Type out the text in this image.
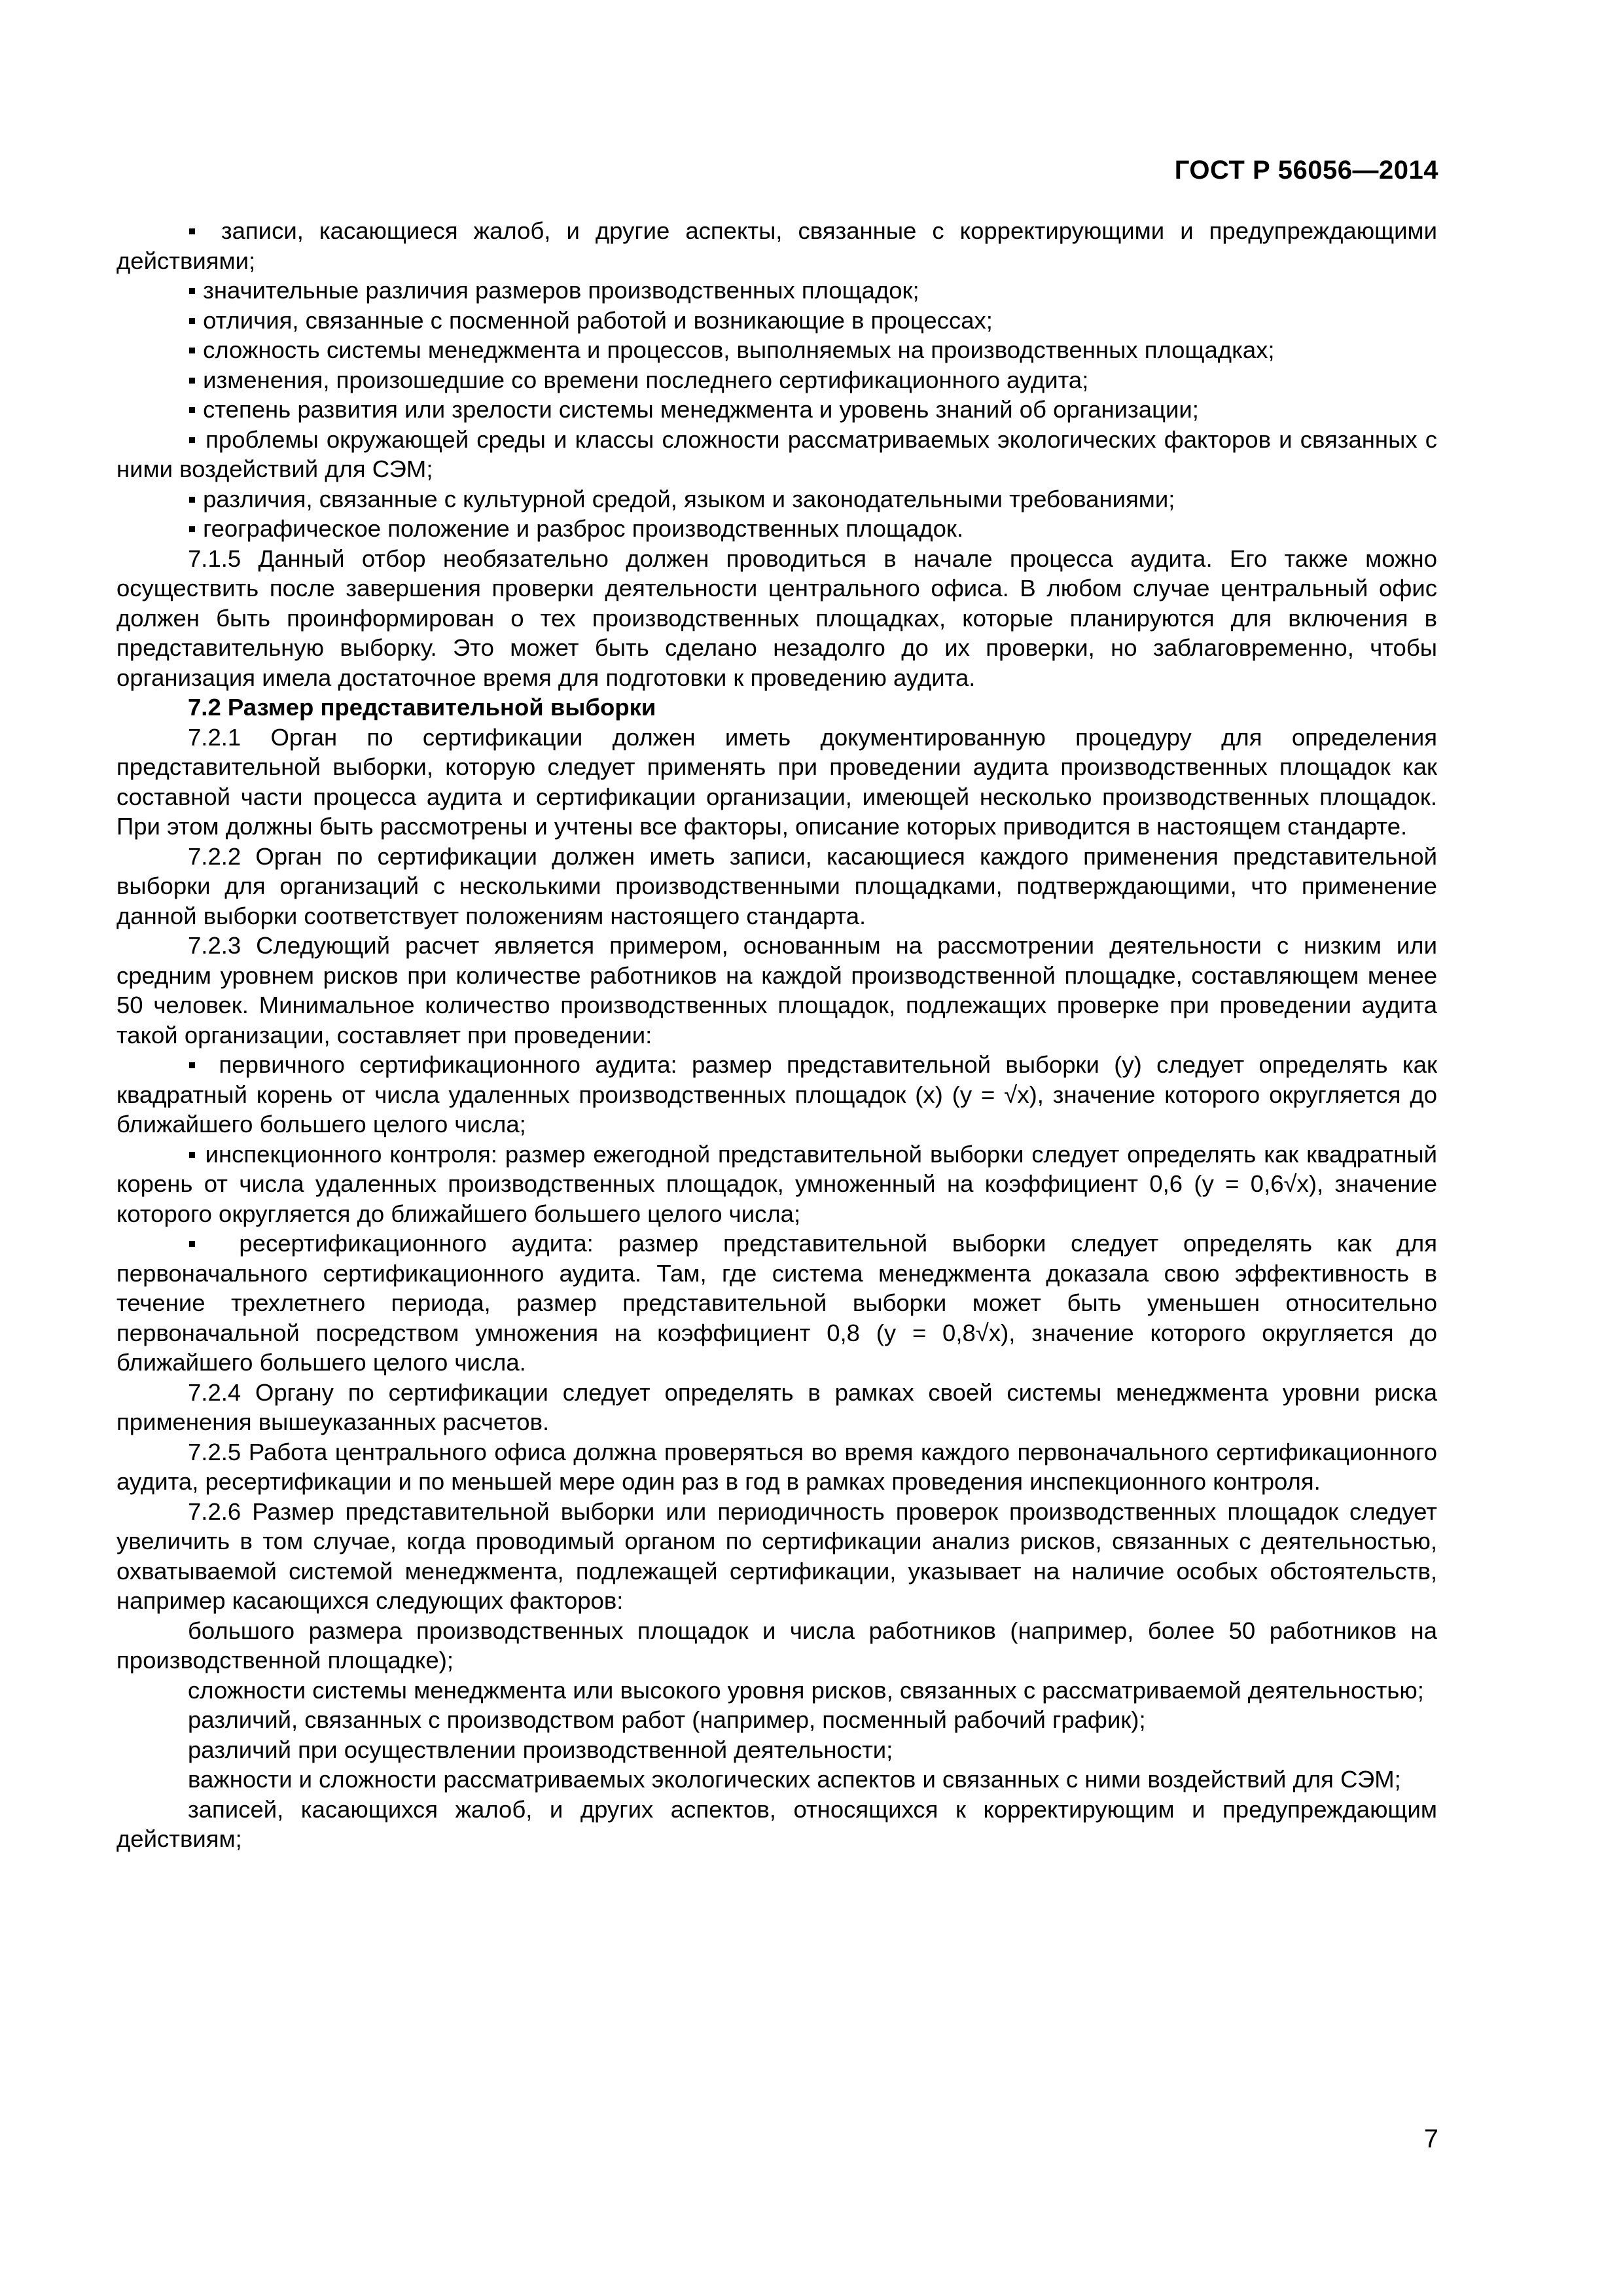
ГОСТ Р 56056—2014

▪ записи, касающиеся жалоб, и другие аспекты, связанные с корректирующими и предупреждающими действиями;

▪ значительные различия размеров производственных площадок;

▪ отличия, связанные с посменной работой и возникающие в процессах;

▪ сложность системы менеджмента и процессов, выполняемых на производственных площадках;

▪ изменения, произошедшие со времени последнего сертификационного аудита;

▪ степень развития или зрелости системы менеджмента и уровень знаний об организации;

▪ проблемы окружающей среды и классы сложности рассматриваемых экологических факторов и связанных с ними воздействий для СЭМ;

▪ различия, связанные с культурной средой, языком и законодательными требованиями;

▪ географическое положение и разброс производственных площадок.

7.1.5 Данный отбор необязательно должен проводиться в начале процесса аудита. Его также можно осуществить после завершения проверки деятельности центрального офиса. В любом случае центральный офис должен быть проинформирован о тех производственных площадках, которые планируются для включения в представительную выборку. Это может быть сделано незадолго до их проверки, но заблаговременно, чтобы организация имела достаточное время для подготовки к проведению аудита.

7.2 Размер представительной выборки

7.2.1 Орган по сертификации должен иметь документированную процедуру для определения представительной выборки, которую следует применять при проведении аудита производственных площадок как составной части процесса аудита и сертификации организации, имеющей несколько производственных площадок. При этом должны быть рассмотрены и учтены все факторы, описание которых приводится в настоящем стандарте.

7.2.2 Орган по сертификации должен иметь записи, касающиеся каждого применения представительной выборки для организаций с несколькими производственными площадками, подтверждающими, что применение данной выборки соответствует положениям настоящего стандарта.

7.2.3 Следующий расчет является примером, основанным на рассмотрении деятельности с низким или средним уровнем рисков при количестве работников на каждой производственной площадке, составляющем менее 50 человек. Минимальное количество производственных площадок, подлежащих проверке при проведении аудита такой организации, составляет при проведении:

▪ первичного сертификационного аудита: размер представительной выборки (y) следует определять как квадратный корень от числа удаленных производственных площадок (x) (y = √x), значение которого округляется до ближайшего большего целого числа;

▪ инспекционного контроля: размер ежегодной представительной выборки следует определять как квадратный корень от числа удаленных производственных площадок, умноженный на коэффициент 0,6 (y = 0,6√x), значение которого округляется до ближайшего большего целого числа;

▪ ресертификационного аудита: размер представительной выборки следует определять как для первоначального сертификационного аудита. Там, где система менеджмента доказала свою эффективность в течение трехлетнего периода, размер представительной выборки может быть уменьшен относительно первоначальной посредством умножения на коэффициент 0,8 (y = 0,8√x), значение которого округляется до ближайшего большего целого числа.

7.2.4 Органу по сертификации следует определять в рамках своей системы менеджмента уровни риска применения вышеуказанных расчетов.

7.2.5 Работа центрального офиса должна проверяться во время каждого первоначального сертификационного аудита, ресертификации и по меньшей мере один раз в год в рамках проведения инспекционного контроля.

7.2.6 Размер представительной выборки или периодичность проверок производственных площадок следует увеличить в том случае, когда проводимый органом по сертификации анализ рисков, связанных с деятельностью, охватываемой системой менеджмента, подлежащей сертификации, указывает на наличие особых обстоятельств, например касающихся следующих факторов:

большого размера производственных площадок и числа работников (например, более 50 работников на производственной площадке);

сложности системы менеджмента или высокого уровня рисков, связанных с рассматриваемой деятельностью;

различий, связанных с производством работ (например, посменный рабочий график);

различий при осуществлении производственной деятельности;

важности и сложности рассматриваемых экологических аспектов и связанных с ними воздействий для СЭМ;

записей, касающихся жалоб, и других аспектов, относящихся к корректирующим и предупреждающим действиям;

7
